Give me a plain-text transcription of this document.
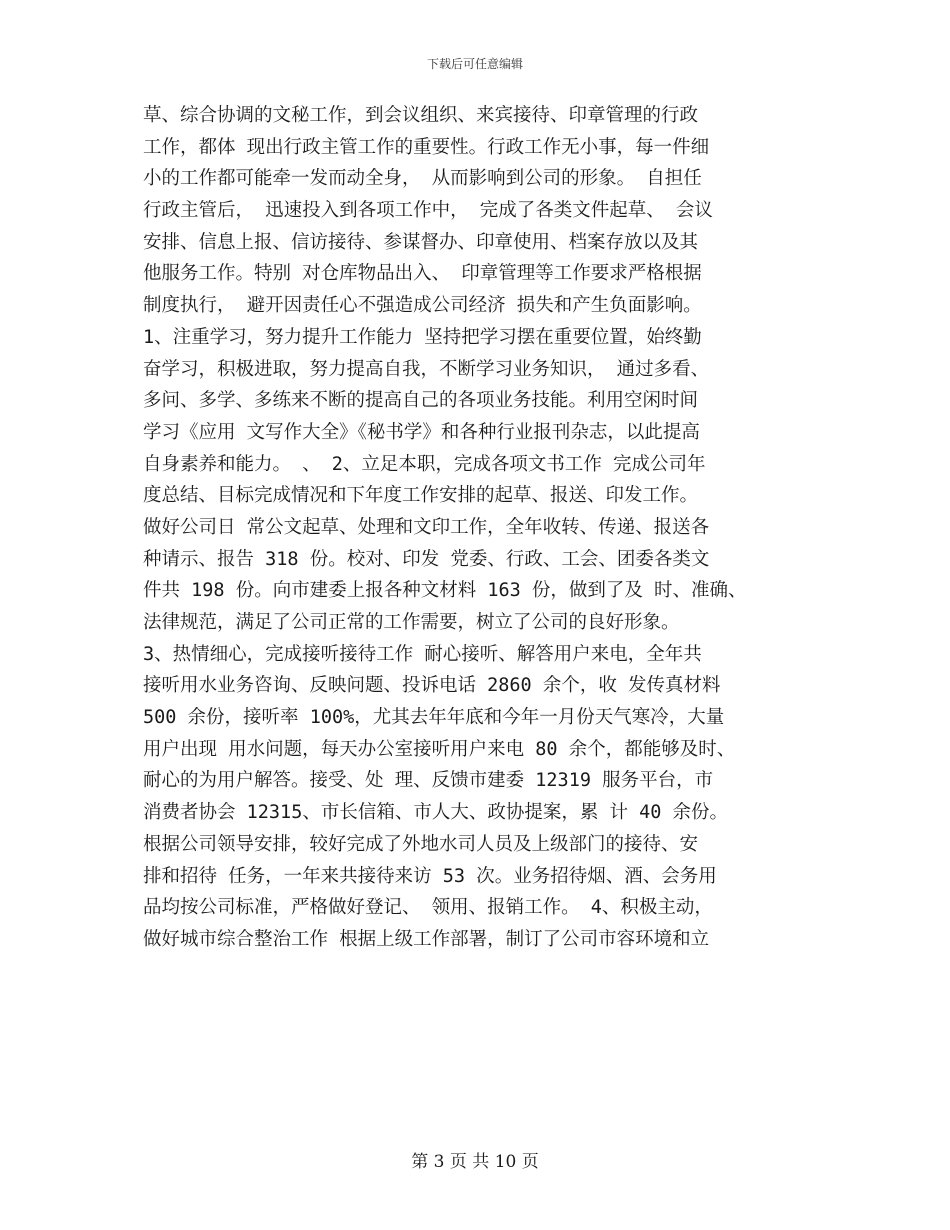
下载后可任意编辑
草、综合协调的文秘工作，到会议组织、来宾接待、印章管理的行政
工作，都体 现出行政主管工作的重要性。行政工作无小事，每一件细
小的工作都可能牵一发而动全身， 从而影响到公司的形象。 自担任
行政主管后， 迅速投入到各项工作中， 完成了各类文件起草、 会议
安排、信息上报、信访接待、参谋督办、印章使用、档案存放以及其
他服务工作。特别 对仓库物品出入、 印章管理等工作要求严格根据
制度执行， 避开因责任心不强造成公司经济 损失和产生负面影响。
1、注重学习，努力提升工作能力 坚持把学习摆在重要位置，始终勤
奋学习，积极进取，努力提高自我，不断学习业务知识， 通过多看、
多问、多学、多练来不断的提高自己的各项业务技能。利用空闲时间
学习《应用 文写作大全》《秘书学》和各种行业报刊杂志，以此提高
自身素养和能力。 、 2、立足本职，完成各项文书工作 完成公司年
度总结、目标完成情况和下年度工作安排的起草、报送、印发工作。
做好公司日 常公文起草、处理和文印工作，全年收转、传递、报送各
种请示、报告 318 份。校对、印发 党委、行政、工会、团委各类文
件共 198 份。向市建委上报各种文材料 163 份，做到了及 时、准确、
法律规范，满足了公司正常的工作需要，树立了公司的良好形象。
3、热情细心，完成接听接待工作 耐心接听、解答用户来电，全年共
接听用水业务咨询、反映问题、投诉电话 2860 余个，收 发传真材料
500 余份，接听率 100%，尤其去年年底和今年一月份天气寒冷，大量
用户出现 用水问题，每天办公室接听用户来电 80 余个，都能够及时、
耐心的为用户解答。接受、处 理、反馈市建委 12319 服务平台，市
消费者协会 12315、市长信箱、市人大、政协提案，累 计 40 余份。
根据公司领导安排，较好完成了外地水司人员及上级部门的接待、安
排和招待 任务，一年来共接待来访 53 次。业务招待烟、酒、会务用
品均按公司标准，严格做好登记、 领用、报销工作。 4、积极主动，
做好城市综合整治工作 根据上级工作部署，制订了公司市容环境和立
第 3 页 共 10 页
